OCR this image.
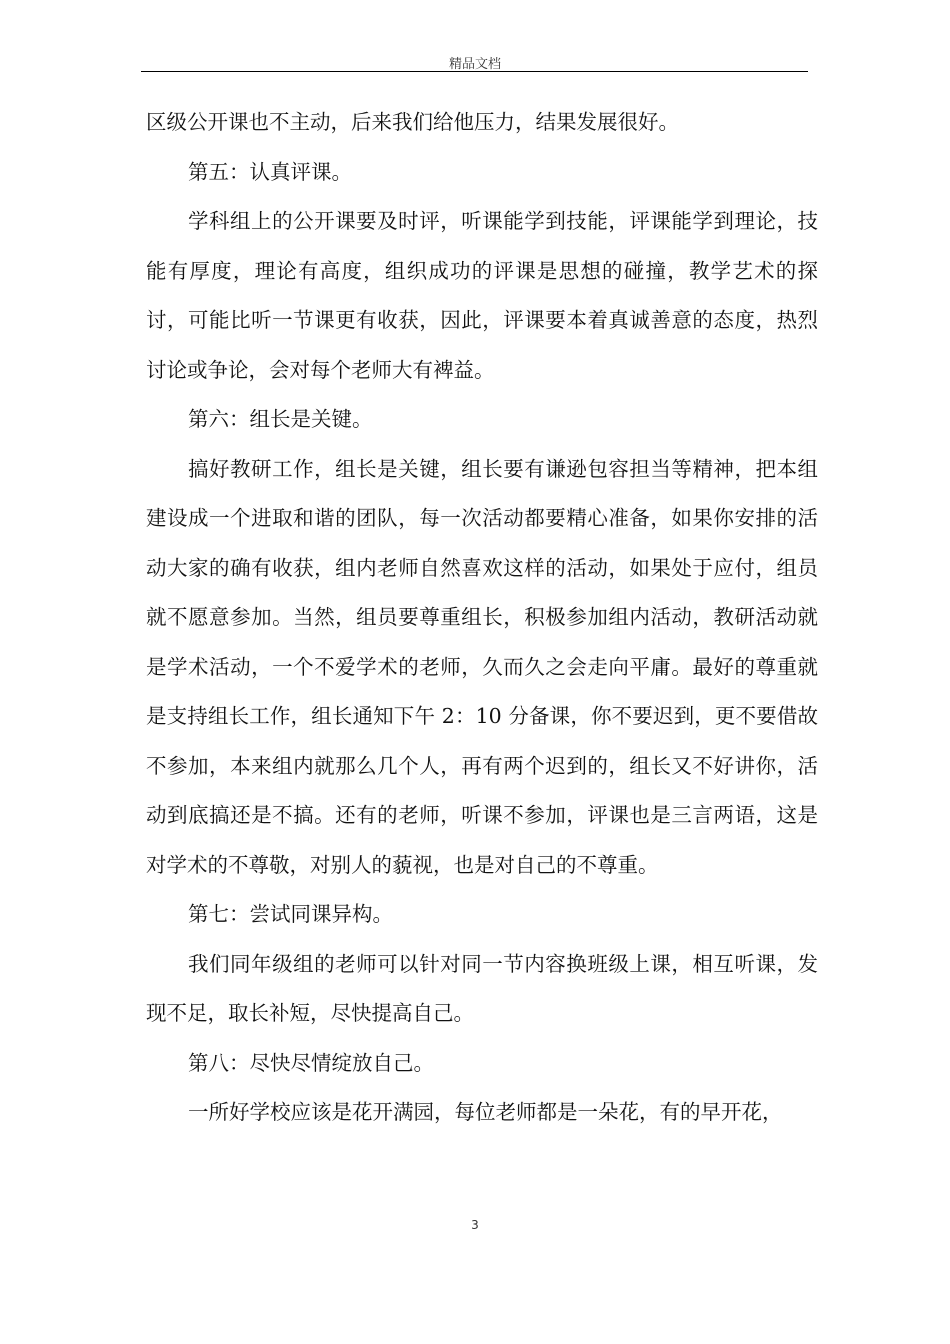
精品文档

区级公开课也不主动，后来我们给他压力，结果发展很好。

第五：认真评课。

学科组上的公开课要及时评，听课能学到技能，评课能学到理论，技能有厚度，理论有高度，组织成功的评课是思想的碰撞，教学艺术的探讨，可能比听一节课更有收获，因此，评课要本着真诚善意的态度，热烈讨论或争论，会对每个老师大有裨益。

第六：组长是关键。

搞好教研工作，组长是关键，组长要有谦逊包容担当等精神，把本组建设成一个进取和谐的团队，每一次活动都要精心准备，如果你安排的活动大家的确有收获，组内老师自然喜欢这样的活动，如果处于应付，组员就不愿意参加。当然，组员要尊重组长，积极参加组内活动，教研活动就是学术活动，一个不爱学术的老师，久而久之会走向平庸。最好的尊重就是支持组长工作，组长通知下午 2：10 分备课，你不要迟到，更不要借故不参加，本来组内就那么几个人，再有两个迟到的，组长又不好讲你，活动到底搞还是不搞。还有的老师，听课不参加，评课也是三言两语，这是对学术的不尊敬，对别人的藐视，也是对自己的不尊重。

第七：尝试同课异构。

我们同年级组的老师可以针对同一节内容换班级上课，相互听课，发现不足，取长补短，尽快提高自己。

第八：尽快尽情绽放自己。

一所好学校应该是花开满园，每位老师都是一朵花，有的早开花，

3
